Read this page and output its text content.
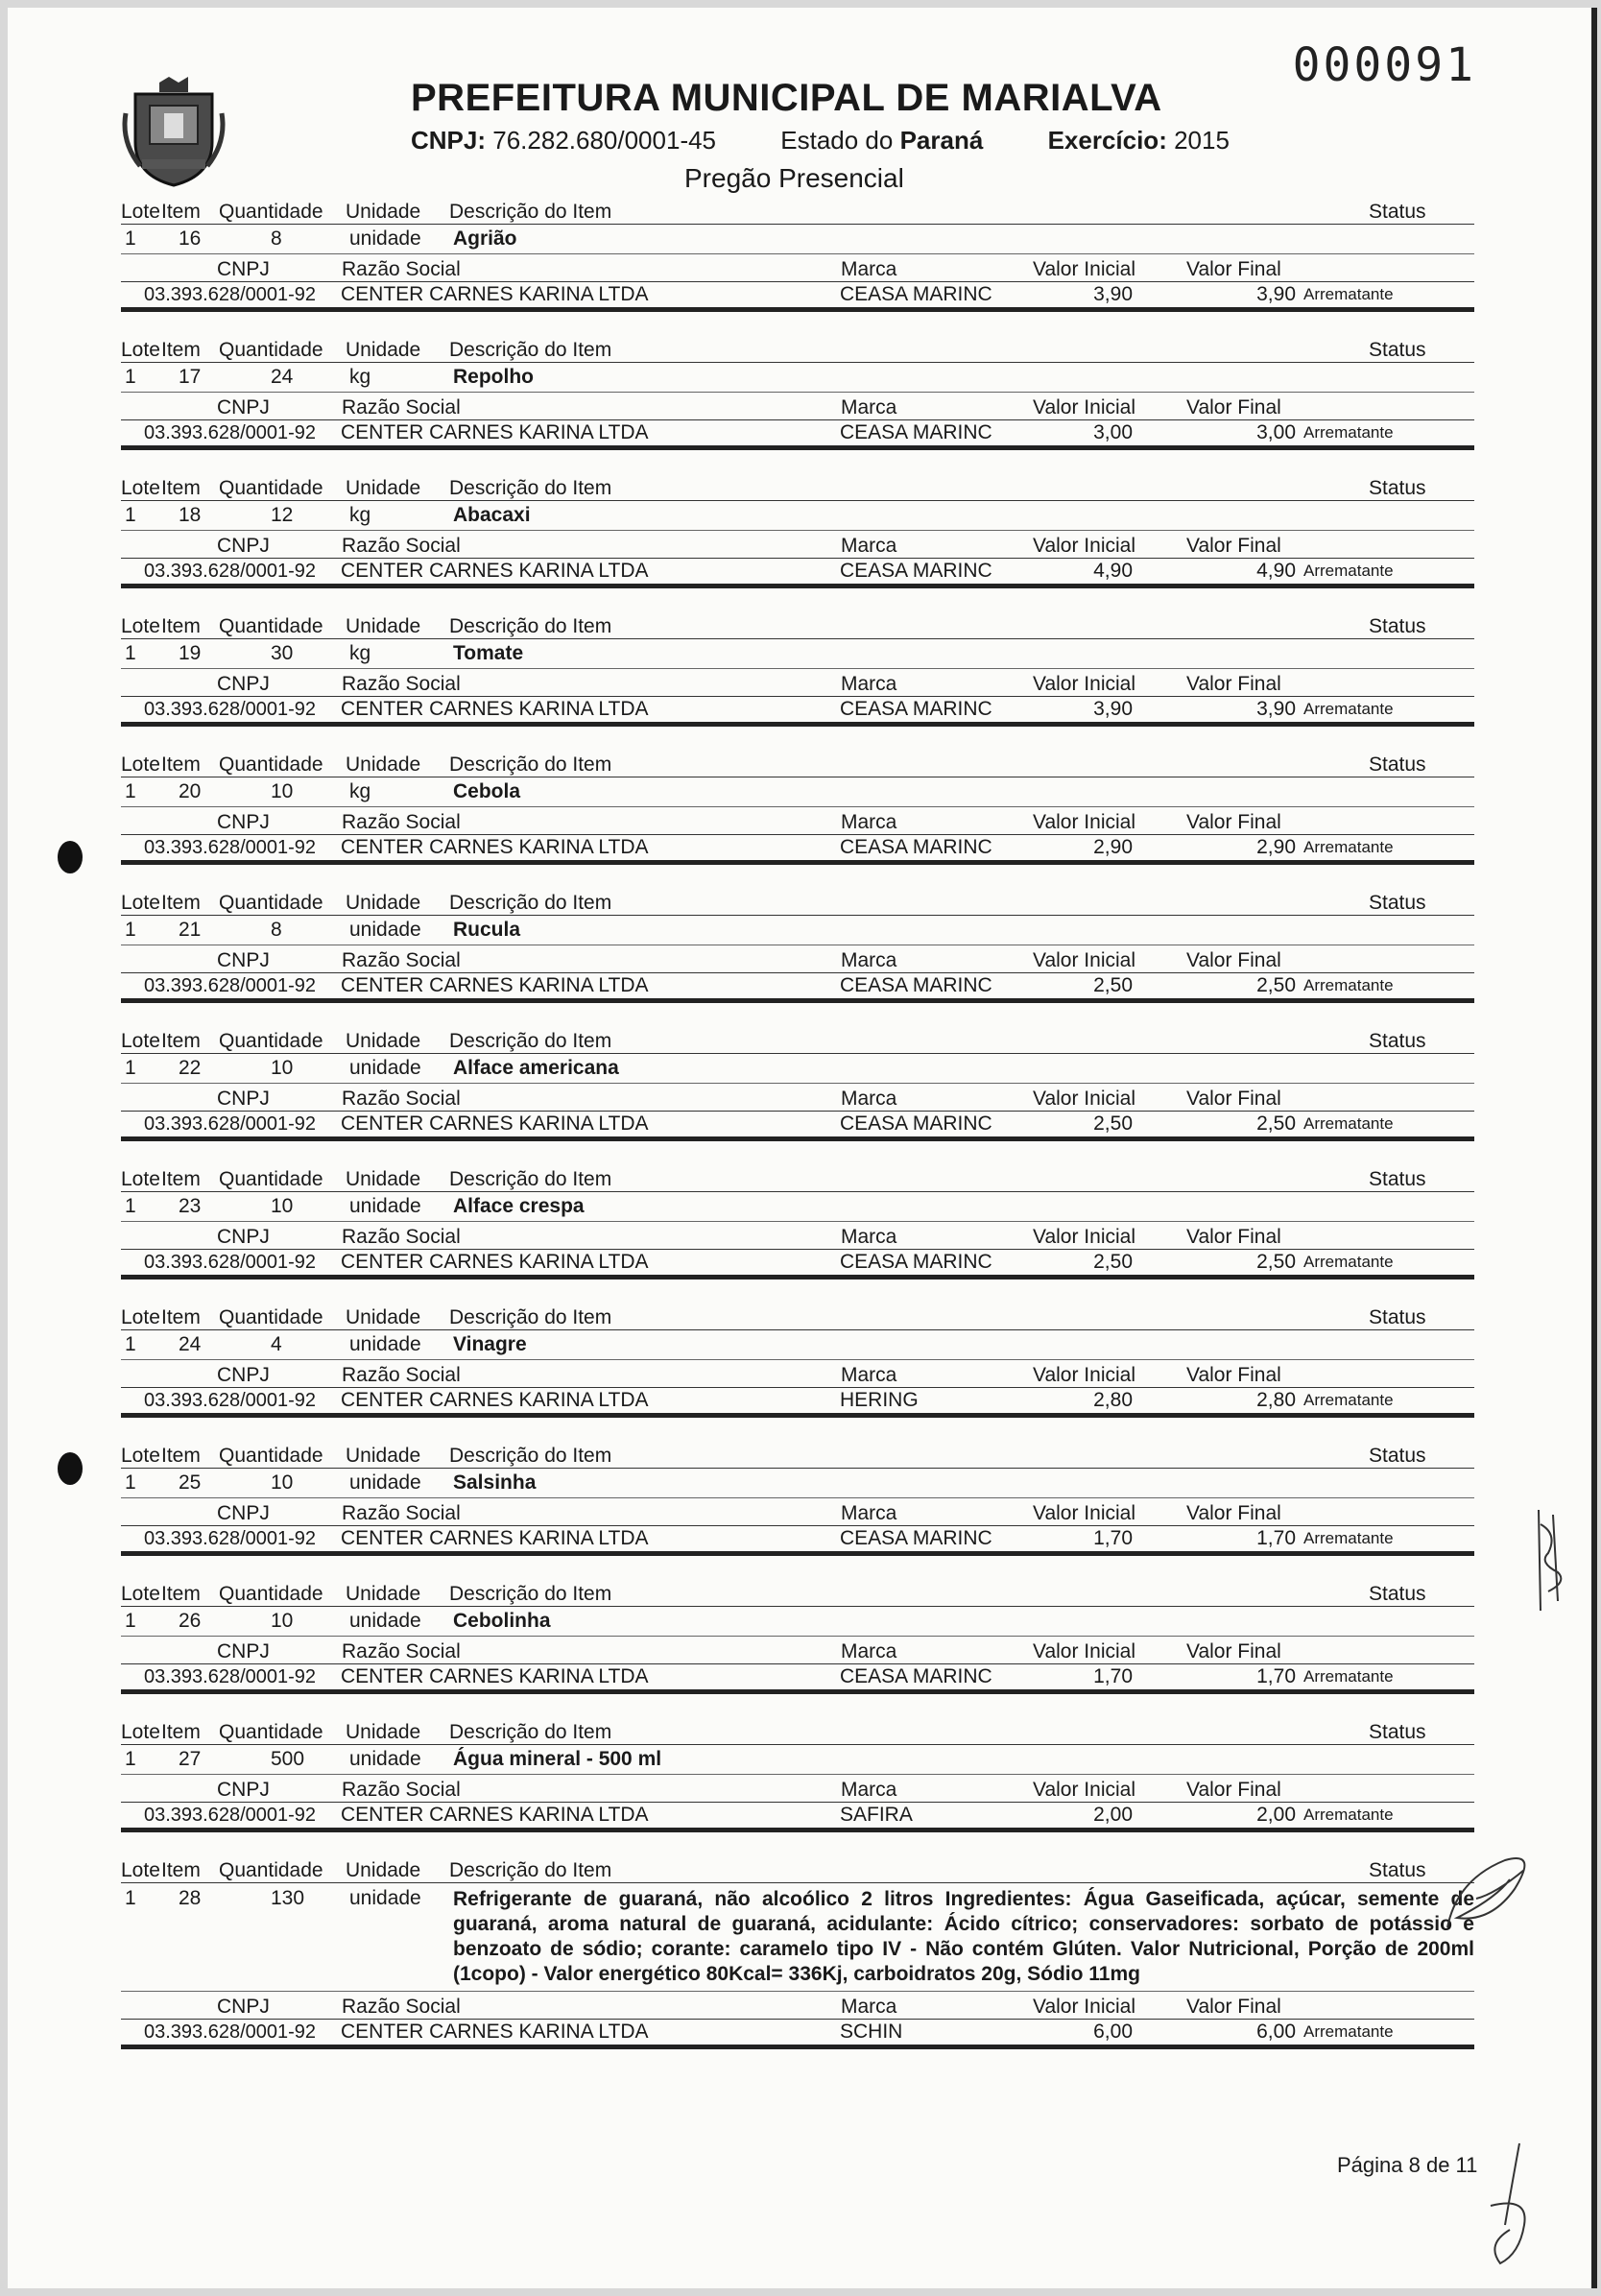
000091
PREFEITURA MUNICIPAL DE MARIALVA
CNPJ: 76.282.680/0001-45	Estado do Paraná	Exercício: 2015
Pregão Presencial
Lote Item Quantidade	Unidade	Descrição do Item	Status
1	16	8	unidade	Agrião
CNPJ	Razão Social	Marca	Valor Inicial	Valor Final
03.393.628/0001-92	CENTER CARNES KARINA LTDA	CEASA MARINC	3,90	3,90 Arrematante
Lote Item Quantidade	Unidade	Descrição do Item	Status
1	17	24	kg	Repolho
CNPJ	Razão Social	Marca	Valor Inicial	Valor Final
03.393.628/0001-92	CENTER CARNES KARINA LTDA	CEASA MARINC	3,00	3,00 Arrematante
Lote Item Quantidade	Unidade	Descrição do Item	Status
1	18	12	kg	Abacaxi
CNPJ	Razão Social	Marca	Valor Inicial	Valor Final
03.393.628/0001-92	CENTER CARNES KARINA LTDA	CEASA MARINC	4,90	4,90 Arrematante
Lote Item Quantidade	Unidade	Descrição do Item	Status
1	19	30	kg	Tomate
CNPJ	Razão Social	Marca	Valor Inicial	Valor Final
03.393.628/0001-92	CENTER CARNES KARINA LTDA	CEASA MARINC	3,90	3,90 Arrematante
Lote Item Quantidade	Unidade	Descrição do Item	Status
1	20	10	kg	Cebola
CNPJ	Razão Social	Marca	Valor Inicial	Valor Final
03.393.628/0001-92	CENTER CARNES KARINA LTDA	CEASA MARINC	2,90	2,90 Arrematante
Lote Item Quantidade	Unidade	Descrição do Item	Status
1	21	8	unidade	Rucula
CNPJ	Razão Social	Marca	Valor Inicial	Valor Final
03.393.628/0001-92	CENTER CARNES KARINA LTDA	CEASA MARINC	2,50	2,50 Arrematante
Lote Item Quantidade	Unidade	Descrição do Item	Status
1	22	10	unidade	Alface americana
CNPJ	Razão Social	Marca	Valor Inicial	Valor Final
03.393.628/0001-92	CENTER CARNES KARINA LTDA	CEASA MARINC	2,50	2,50 Arrematante
Lote Item Quantidade	Unidade	Descrição do Item	Status
1	23	10	unidade	Alface crespa
CNPJ	Razão Social	Marca	Valor Inicial	Valor Final
03.393.628/0001-92	CENTER CARNES KARINA LTDA	CEASA MARINC	2,50	2,50 Arrematante
Lote Item Quantidade	Unidade	Descrição do Item	Status
1	24	4	unidade	Vinagre
CNPJ	Razão Social	Marca	Valor Inicial	Valor Final
03.393.628/0001-92	CENTER CARNES KARINA LTDA	HERING	2,80	2,80 Arrematante
Lote Item Quantidade	Unidade	Descrição do Item	Status
1	25	10	unidade	Salsinha
CNPJ	Razão Social	Marca	Valor Inicial	Valor Final
03.393.628/0001-92	CENTER CARNES KARINA LTDA	CEASA MARINC	1,70	1,70 Arrematante
Lote Item Quantidade	Unidade	Descrição do Item	Status
1	26	10	unidade	Cebolinha
CNPJ	Razão Social	Marca	Valor Inicial	Valor Final
03.393.628/0001-92	CENTER CARNES KARINA LTDA	CEASA MARINC	1,70	1,70 Arrematante
Lote Item Quantidade	Unidade	Descrição do Item	Status
1	27	500	unidade	Água mineral - 500 ml
CNPJ	Razão Social	Marca	Valor Inicial	Valor Final
03.393.628/0001-92	CENTER CARNES KARINA LTDA	SAFIRA	2,00	2,00 Arrematante
Lote Item Quantidade	Unidade	Descrição do Item	Status
1	28	130	unidade	Refrigerante de guaraná, não alcoólico 2 litros Ingredientes: Água Gaseificada, açúcar, semente de guaraná, aroma natural de guaraná, acidulante: Ácido cítrico; conservadores: sorbato de potássio e benzoato de sódio; corante: caramelo tipo IV - Não contém Glúten. Valor Nutricional, Porção de 200ml (1copo) - Valor energético 80Kcal= 336Kj, carboidratos 20g, Sódio 11mg
CNPJ	Razão Social	Marca	Valor Inicial	Valor Final
03.393.628/0001-92	CENTER CARNES KARINA LTDA	SCHIN	6,00	6,00 Arrematante
Página 8 de 11
